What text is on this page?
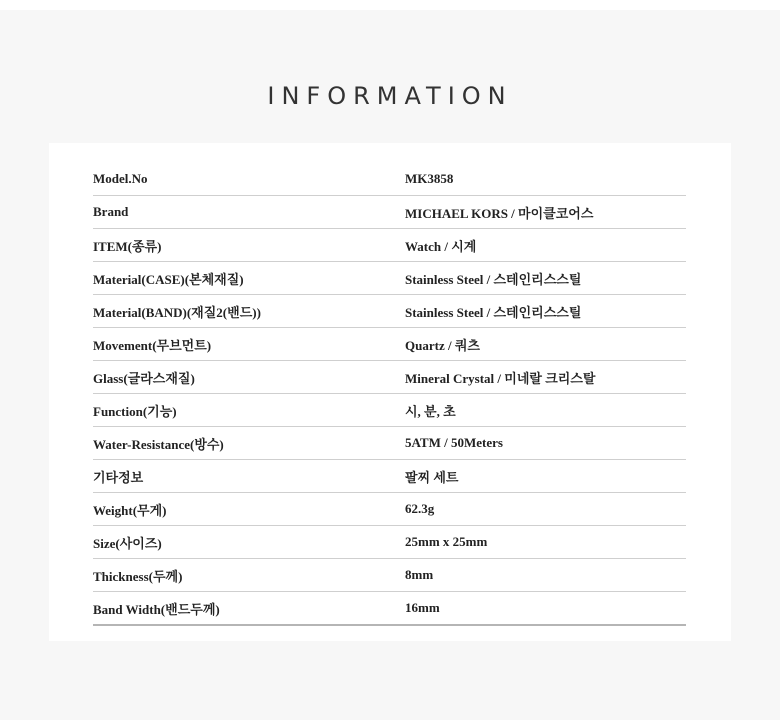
INFORMATION
Model.No	MK3858
Brand	MICHAEL KORS / 마이클코어스
ITEM(종류)	Watch / 시계
Material(CASE)(본체재질)	Stainless Steel / 스테인리스스틸
Material(BAND)(재질2(밴드))	Stainless Steel / 스테인리스스틸
Movement(무브먼트)	Quartz / 쿼츠
Glass(글라스재질)	Mineral Crystal / 미네랄 크리스탈
Function(기능)	시, 분, 초
Water-Resistance(방수)	5ATM / 50Meters
기타정보	팔찌 세트
Weight(무게)	62.3g
Size(사이즈)	25mm x 25mm
Thickness(두께)	8mm
Band Width(밴드두께)	16mm
